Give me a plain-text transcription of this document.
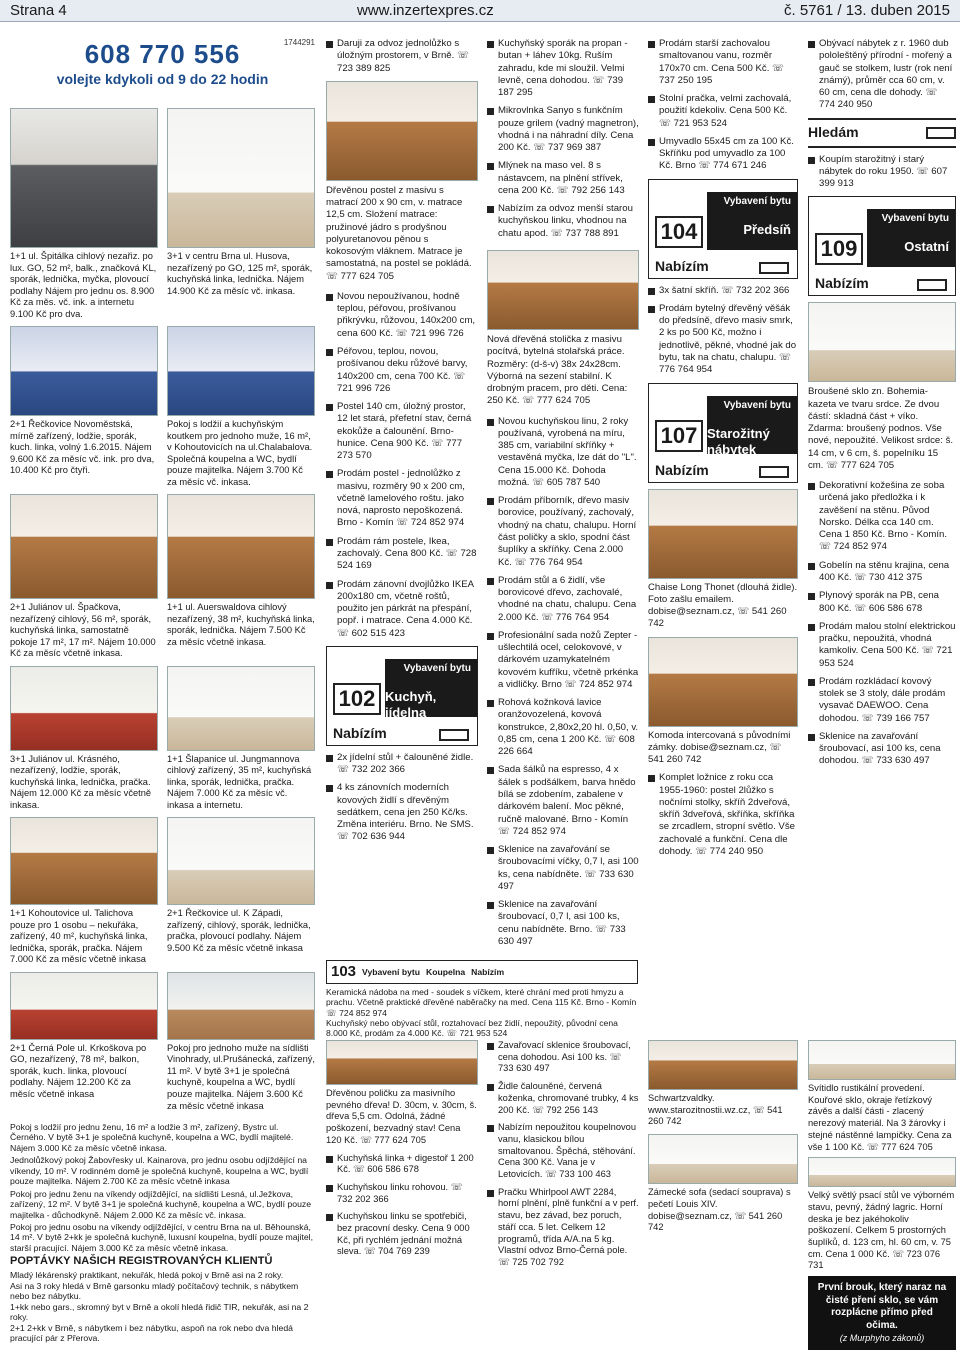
Strana 4	www.inzertexpres.cz	č. 5761 / 13. duben 2015
608 770 556
volejte kdykoli od 9 do 22 hodin
1744291
1+1 ul. Špitálka cihlový nezařiz. po lux. GO, 52 m², balk., značková KL, sporák, lednička, myčka, plovoucí podlahy Nájem pro jednu os. 8.900 Kč za měs. vč. ink. a internetu 9.100 Kč pro dva.
3+1 v centru Brna ul. Husova, nezařízený po GO, 125 m², sporák, kuchyňská linka, lednička. Nájem 14.900 Kč za měsíc vč. inkasa.
2+1 Řečkovice Novoměstská, mírně zařízený, lodžie, sporák, kuch. linka, volný 1.6.2015. Nájem 9.600 Kč za měsíc vč. ink. pro dva, 10.400 Kč pro čtyři.
Pokoj s lodžií a kuchyňským koutkem pro jednoho muže, 16 m², v Kohoutovicích na ul.Chalabalova. Společná koupelna a WC, bydlí pouze majitelka. Nájem 3.700 Kč za měsíc vč. inkasa.
2+1 Juliánov ul. Špačkova, nezařízený cihlový, 56 m², sporák, kuchyňská linka, samostatně pokoje 17 m², 17 m². Nájem 10.000 Kč za měsíc včetně inkasa.
1+1 ul. Auerswaldova cihlový nezařízený, 38 m², kuchyňská linka, sporák, lednička. Nájem 7.500 Kč za měsíc včetně inkasa.
3+1 Juliánov ul. Krásného, nezařízený, lodžie, sporák, kuchyňská linka, lednička, pračka. Nájem 12.000 Kč za měsíc včetně inkasa.
1+1 Šlapanice ul. Jungmannova cihlový zařízený, 35 m², kuchyňská linka, sporák, lednička, pračka. Nájem 7.000 Kč za měsíc vč. inkasa a internetu.
1+1 Kohoutovice ul. Talichova pouze pro 1 osobu – nekuřáka, zařízený, 40 m², kuchyňská linka, lednička, sporák, pračka. Nájem 7.000 Kč za měsíc včetně inkasa
2+1 Řečkovice ul. K Západi, zařízený, cihlový, sporák, lednička, pračka, plovoucí podlahy. Nájem 9.500 Kč za měsíc včetně inkasa
2+1 Černá Pole ul. Krkoškova po GO, nezařízený, 78 m², balkon, sporák, kuch. linka, plovoucí podlahy. Nájem 12.200 Kč za měsíc včetně inkasa
Pokoj pro jednoho muže na sídlišti Vinohrady, ul.Prušánecká, zařízený, 11 m². V bytě 3+1 je společná kuchyně, koupelna a WC, bydlí pouze majitelka. Nájem 3.600 Kč za měsíc včetně inkasa
Pokoj s lodžií pro jednu ženu, 16 m² a lodžie 3 m², zařízený, Bystrc ul. Černého. V bytě 3+1 je společná kuchyně, koupelna a WC, bydlí majitelé. Nájem 3.000 Kč za měsíc včetně inkasa.
Jednolůžkový pokoj Žabovřesky ul. Kainarova, pro jednu osobu odjíždějící na víkendy, 10 m². V rodinném domě je společná kuchyně, koupelna a WC, bydlí pouze majitelka. Nájem 2.700 Kč za měsíc včetně inkasa
Pokoj pro jednu ženu na víkendy odjíždějící, na sídlišti Lesná, ul.Ježkova, zařízený, 12 m². V bytě 3+1 je společná kuchyně, koupelna a WC, bydlí pouze majitelka - důchodkyně. Nájem 2.000 Kč za měsíc vč. inkasa.
Pokoj pro jednu osobu na víkendy odjíždějící, v centru Brna na ul. Běhounská, 14 m². V bytě 2+kk je společná kuchyně, luxusní koupelna, bydlí pouze majitel, starší pracující. Nájem 3.000 Kč za měsíc včetně inkasa.
POPTÁVKY NAŠICH REGISTROVANÝCH KLIENTŮ
Mladý lékárenský praktikant, nekuřák, hledá pokoj v Brně asi na 2 roky.
Asi na 3 roky hledá v Brně garsonku mladý počítačový technik, s nábytkem nebo bez nábytku.
1+kk nebo gars., skromný byt v Brně a okolí hledá řidič TIR, nekuřák, asi na 2 roky.
2+1 2+kk v Brně, s nábytkem i bez nábytku, aspoň na rok nebo dva hledá pracující pár z Přerova.
Daruji za odvoz jednolůžko s úložným prostorem, v Brně. ☏ 723 389 825
Dřevěnou postel z masivu s matrací 200 x 90 cm, v. matrace 12,5 cm. Složení matrace: pružinové jádro s prodyšnou polyuretanovou pěnou s kokosovým vláknem. Matrace je samostatná, na postel se pokládá. ☏ 777 624 705
Novou nepoužívanou, hodně teplou, péřovou, prošívanou přikrývku, růžovou, 140x200 cm, cena 600 Kč. ☏ 721 996 726
Péřovou, teplou, novou, prošívanou deku růžové barvy, 140x200 cm, cena 700 Kč. ☏ 721 996 726
Postel 140 cm, úložný prostor, 12 let stará, přefetní stav, černá ekokůže a čalounění. Brno-hunice. Cena 900 Kč. ☏ 777 273 570
Prodám postel - jednolůžko z masivu, rozměry 90 x 200 cm, včetně lamelového roštu. jako nová, naprosto nepoškozená. Brno - Komín ☏ 724 852 974
Prodám rám postele, Ikea, zachovalý. Cena 800 Kč. ☏ 728 524 169
Prodám zánovní dvojlůžko IKEA 200x180 cm, včetně roštů, použito jen párkrát na přespání, popř. i matrace. Cena 4.000 Kč. ☏ 602 515 423
Vybavení bytu
Kuchyň, jídelna
102
Nabízím
2x jídelní stůl + čalouněné židle. ☏ 732 202 366
4 ks zánovních moderních kovových židlí s dřevěným sedátkem, cena jen 250 Kč/ks. Změna interiéru. Brno. Ne SMS. ☏ 702 636 944
Kuchyňský sporák na propan - butan + láhev 10kg. Ruším zahradu, kde mi sloužil. Velmi levně, cena dohodou. ☏ 739 187 295
Mikrovlnka Sanyo s funkčním pouze grilem (vadný magnetron), vhodná i na náhradní díly. Cena 200 Kč. ☏ 737 969 387
Mlýnek na maso vel. 8 s nástavcem, na plnění střívek, cena 200 Kč. ☏ 792 256 143
Nabízím za odvoz menší starou kuchyňskou linku, vhodnou na chatu apod. ☏ 737 788 891
Nová dřevěná stolička z masivu pocítvá, bytelná stolařská práce. Rozměry: (d-š-v) 38x 24x28cm. Výborná na sezení stabilní. K drobným pracem, pro děti. Cena: 250 Kč. ☏ 777 624 705
Novou kuchyňskou linu, 2 roky používaná, vyrobená na míru, 385 cm, variabilní skříňky + vestavěná myčka, lze dát do "L". Cena 15.000 Kč. Dohoda možná. ☏ 605 787 540
Prodám příborník, dřevo masiv borovice, používaný, zachovalý, vhodný na chatu, chalupu. Horní část poličky a sklo, spodní část šuplíky a skříňky. Cena 2.000 Kč. ☏ 776 764 954
Prodám stůl a 6 židlí, vše borovicové dřevo, zachovalé, vhodné na chatu, chalupu. Cena 2.000 Kč. ☏ 776 764 954
Profesionální sada nožů Zepter - ušlechtilá ocel, celokovové, v dárkovém uzamykatelném kovovém kufříku, včetně prkénka a vidličky. Brno ☏ 724 852 974
Rohová kožnková lavice oranžovozelená, kovová konstrukce, 2,80x2,20 hl. 0,50, v. 0,85 cm, cena 1 200 Kč. ☏ 608 226 664
Sada šálků na espresso, 4 x šálek s podšálkem, barva hnědo bílá se zdobením, zabalene v dárkovém balení. Moc pěkné, ručně malované. Brno - Komín ☏ 724 852 974
Sklenice na zavařování se šroubovacími víčky, 0,7 l, asi 100 ks, cena nabídněte. ☏ 733 630 497
Sklenice na zavařování šroubovací, 0,7 l, asi 100 ks, cenu nabídněte. Brno. ☏ 733 630 497
Prodám starší zachovalou smaltovanou vanu, rozměr 170x70 cm. Cena 500 Kč. ☏ 737 250 195
Stolní pračka, velmi zachovalá, použití kdekoliv. Cena 500 Kč. ☏ 721 953 524
Umyvadlo 55x45 cm za 100 Kč. Skříňku pod umyvadlo za 100 Kč. Brno ☏ 774 671 246
Vybavení bytu
Předsíň
104
Nabízím
3x šatní skříň. ☏ 732 202 366
Prodám bytelný dřevěný věšák do předsíně, dřevo masiv smrk, 2 ks po 500 Kč, možno i jednotlivě, pěkné, vhodné jak do bytu, tak na chatu, chalupu. ☏ 776 764 954
Vybavení bytu
Starožitný nábytek
107
Nabízím
Chaise Long Thonet (dlouhá židle). Foto zašlu emailem. dobise@seznam.cz, ☏ 541 260 742
Komoda intercovaná s původními zámky. dobise@seznam.cz, ☏ 541 260 742
Komplet ložnice z roku cca 1955-1960: postel 2lůžko s nočními stolky, skříň 2dveřová, skříň 3dveřová, skříňka, skříňka se zrcadlem, stropní světlo. Vše zachovalé a funkční. Cena dle dohody. ☏ 774 240 950
Obývací nábytek z r. 1960 dub pololeštěný přírodní - mořený a gauč se stolkem, lustr (rok není známý), průměr cca 60 cm, v. 60 cm, cena dle dohody. ☏ 774 240 950
Hledám
Koupím starožitný i starý nábytek do roku 1950. ☏ 607 399 913
Vybavení bytu
Ostatní
109
Nabízím
Broušené sklo zn. Bohemia-kazeta ve tvaru srdce. Ze dvou částí: skladná část + víko. Zdarma: broušený podnos. Vše nové, nepoužité. Velikost srdce: š. 14 cm, v 6 cm, š. popelníku 15 cm. ☏ 777 624 705
Dekorativní kožešina ze soba určená jako předložka i k zavěšení na stěnu. Původ Norsko. Délka cca 140 cm. Cena 1 850 Kč. Brno - Komín. ☏ 724 852 974
Gobelín na stěnu krajina, cena 400 Kč. ☏ 730 412 375
Plynový sporák na PB, cena 800 Kč. ☏ 606 586 678
Prodám malou stolní elektrickou pračku, nepoužitá, vhodná kamkoliv. Cena 500 Kč. ☏ 721 953 524
Prodám rozkládací kovový stolek se 3 stoly, dále prodám vysavač DAEWOO. Cena dohodou. ☏ 739 166 757
Sklenice na zavařování šroubovací, asi 100 ks, cena dohodou. ☏ 733 630 497
Dřevěnou poličku za masivního pevného dřeva! D. 30cm, v. 30cm, š. dřeva 5,5 cm. Odolná, žádné poškození, bezvadný stav! Cena 120 Kč. ☏ 777 624 705
Kuchyňská linka + digestoř 1 200 Kč. ☏ 606 586 678
Kuchyňskou linku rohovou. ☏ 732 202 366
Kuchyňskou linku se spotřebiči, bez pracovní desky. Cena 9 000 Kč, při rychlém jednání možná sleva. ☏ 704 769 239
Zavařovací sklenice šroubovací, cena dohodou. Asi 100 ks. ☏ 733 630 497
Židle čalouněné, červená koženka, chromované trubky, 4 ks 200 Kč. ☏ 792 256 143
Nabízím nepoužitou koupelnovou vanu, klasickou bílou smaltovanou. Špěchá, stěhování. Cena 300 Kč. Vana je v Letovicích. ☏ 733 100 463
Pračku Whirlpool AWT 2284, horní plnění, plně funkční a v perf. stavu, bez závad, bez poruch, stáří cca. 5 let. Celkem 12 programů, třída A/A.na 5 kg. Vlastní odvoz Brno-Černá pole. ☏ 725 702 792
Schwartzvaldky. www.starozitnostii.wz.cz, ☏ 541 260 742
Zámecké sofa (sedací souprava) s pečetí Louis XIV. dobise@seznam.cz, ☏ 541 260 742
Svítidlo rustikální provedení. Kouřové sklo, okraje řetízkový závěs a další části - zlacený nerezový materiál. Na 3 žárovky i stejné nástěnné lampičky. Cena za vše 1 100 Kč. ☏ 777 624 705
Velký světlý psací stůl ve výborném stavu, pevný, žádný lagric. Horní deska je bez jakéhokoliv poškození. Celkem 5 prostorných šuplíků, d. 123 cm, hl. 60 cm, v. 75 cm. Cena 1 000 Kč. ☏ 723 076 731
První brouk, který naraz na čisté pření sklo, se vám rozplácne přímo před očima.
(z Murphyho zákonů)
103 Vybavení bytu Koupelna Nabízím
Keramická nádoba na med - soudek s víčkem, které chrání med proti hmyzu a prachu. Včetně praktické dřevěné naběračky na med. Cena 115 Kč. Brno - Komín ☏ 724 852 974
Kuchyňský nebo obývací stůl, roztahovací bez židlí, nepoužitý, původní cena 8.000 Kč, prodám za 4.000 Kč. ☏ 721 953 524
